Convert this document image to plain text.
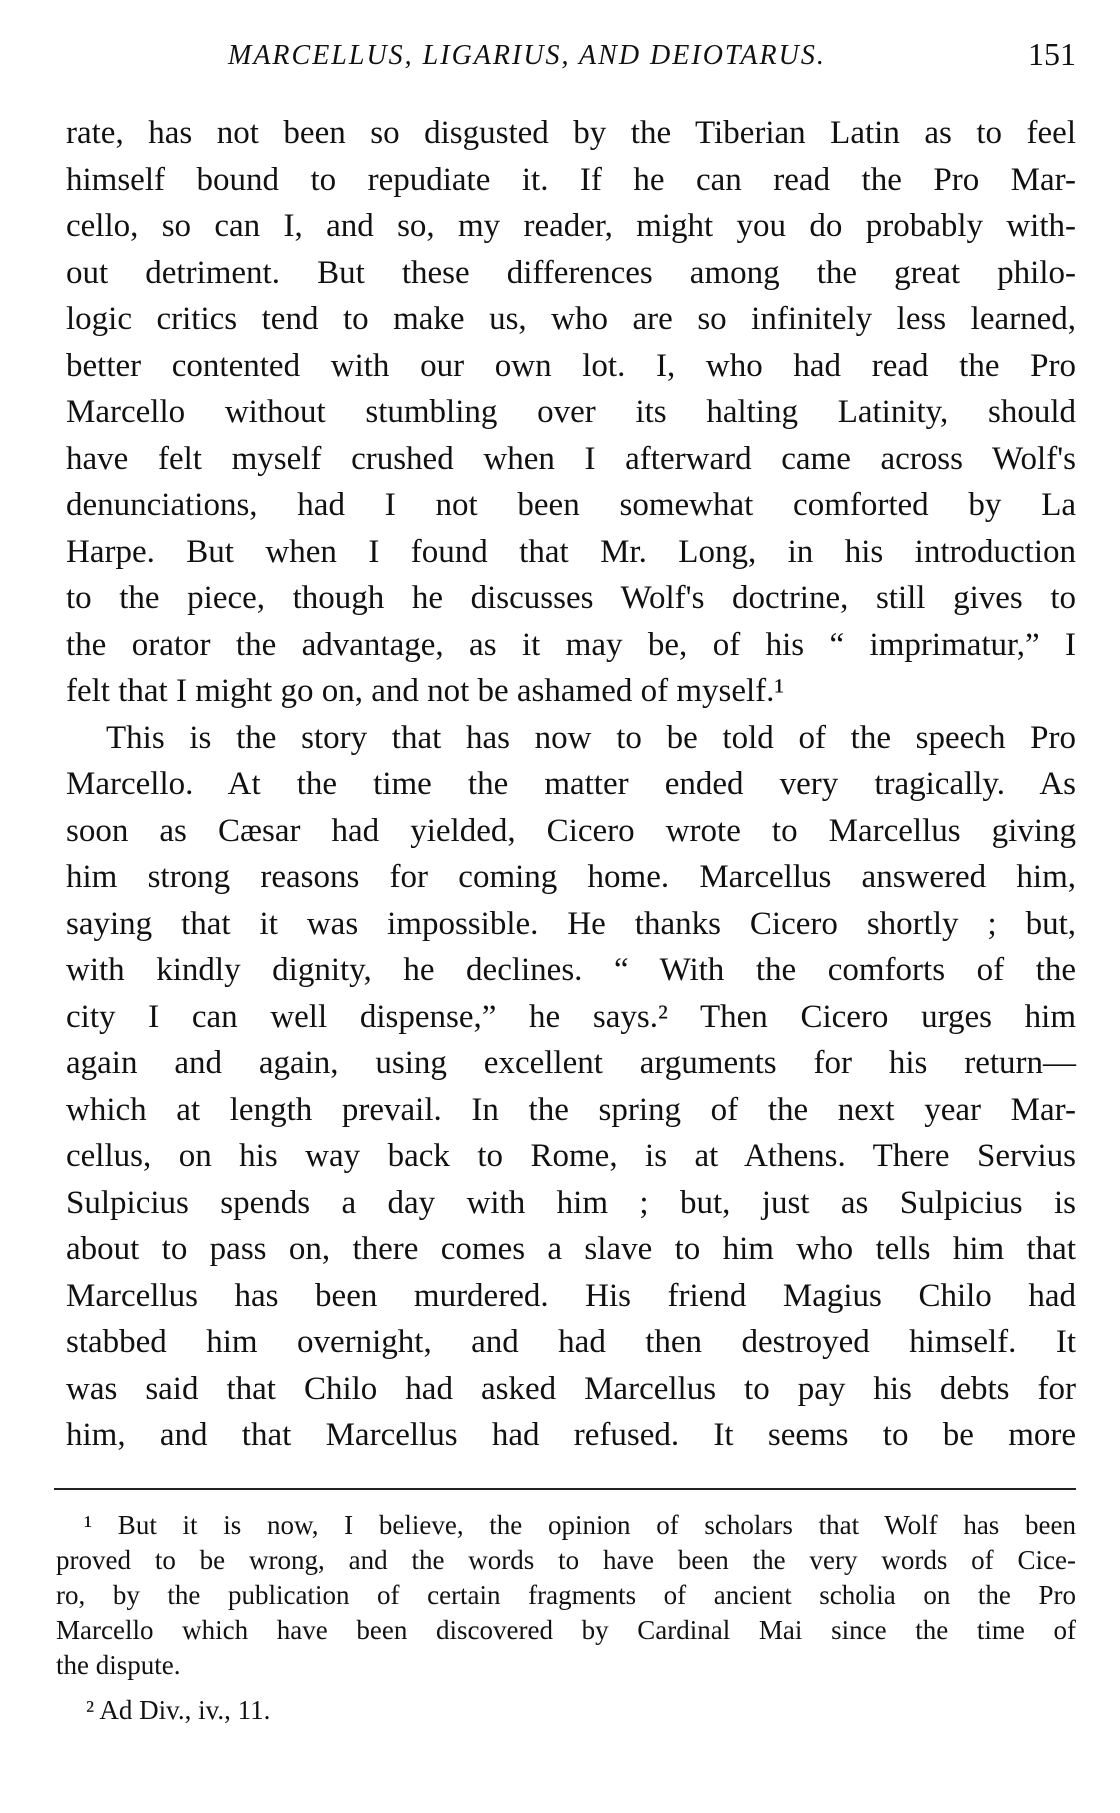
MARCELLUS, LIGARIUS, AND DEIOTARUS.	151
rate, has not been so disgusted by the Tiberian Latin as to feel
himself bound to repudiate it. If he can read the Pro Mar-
cello, so can I, and so, my reader, might you do probably with-
out detriment. But these differences among the great philo-
logic critics tend to make us, who are so infinitely less learned,
better contented with our own lot. I, who had read the Pro
Marcello without stumbling over its halting Latinity, should
have felt myself crushed when I afterward came across Wolf's
denunciations, had I not been somewhat comforted by La
Harpe. But when I found that Mr. Long, in his introduction
to the piece, though he discusses Wolf's doctrine, still gives to
the orator the advantage, as it may be, of his “ imprimatur,” I
felt that I might go on, and not be ashamed of myself.¹
This is the story that has now to be told of the speech Pro
Marcello. At the time the matter ended very tragically. As
soon as Cæsar had yielded, Cicero wrote to Marcellus giving
him strong reasons for coming home. Marcellus answered him,
saying that it was impossible. He thanks Cicero shortly ; but,
with kindly dignity, he declines. “ With the comforts of the
city I can well dispense,” he says.² Then Cicero urges him
again and again, using excellent arguments for his return—
which at length prevail. In the spring of the next year Mar-
cellus, on his way back to Rome, is at Athens. There Servius
Sulpicius spends a day with him ; but, just as Sulpicius is
about to pass on, there comes a slave to him who tells him that
Marcellus has been murdered. His friend Magius Chilo had
stabbed him overnight, and had then destroyed himself. It
was said that Chilo had asked Marcellus to pay his debts for
him, and that Marcellus had refused. It seems to be more
¹ But it is now, I believe, the opinion of scholars that Wolf has been
proved to be wrong, and the words to have been the very words of Cice-
ro, by the publication of certain fragments of ancient scholia on the Pro
Marcello which have been discovered by Cardinal Mai since the time of
the dispute.
² Ad Div., iv., 11.
